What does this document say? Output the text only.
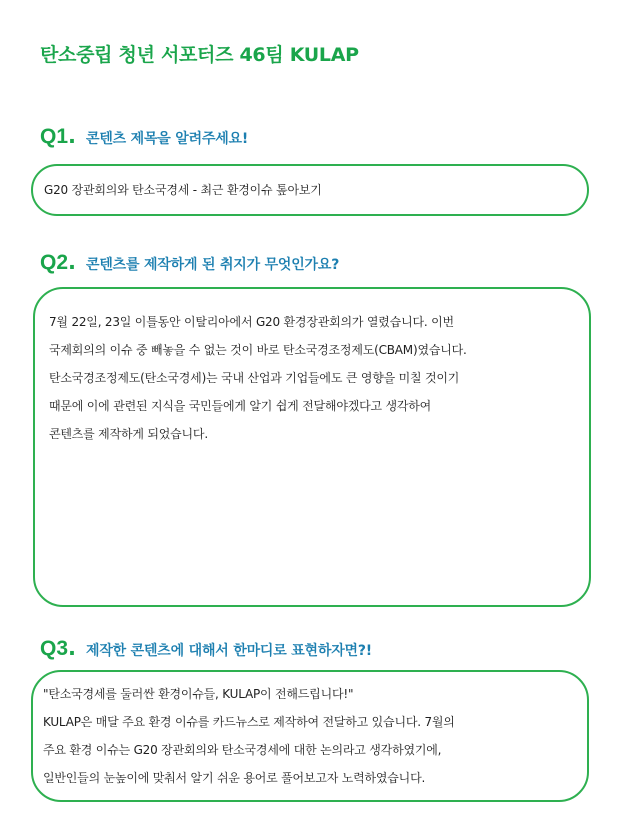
탄소중립 청년 서포터즈 46팀 KULAP
Q1 . 콘텐츠 제목을 알려주세요!
G20 장관회의와 탄소국경세 - 최근 환경이슈 톺아보기
Q2 . 콘텐츠를 제작하게 된 취지가 무엇인가요?
7월 22일, 23일 이틀동안 이탈리아에서 G20 환경장관회의가 열렸습니다. 이번
국제회의의 이슈 중 빼놓을 수 없는 것이 바로 탄소국경조정제도(CBAM)였습니다.
탄소국경조정제도(탄소국경세)는 국내 산업과 기업들에도 큰 영향을 미칠 것이기
때문에 이에 관련된 지식을 국민들에게 알기 쉽게 전달해야겠다고 생각하여
콘텐츠를 제작하게 되었습니다.
Q3 . 제작한 콘텐츠에 대해서 한마디로 표현하자면?!
"탄소국경세를 둘러싼 환경이슈들, KULAP이 전해드립니다!"
KULAP은 매달 주요 환경 이슈를 카드뉴스로 제작하여 전달하고 있습니다. 7월의
주요 환경 이슈는 G20 장관회의와 탄소국경세에 대한 논의라고 생각하였기에,
일반인들의 눈높이에 맞춰서 알기 쉬운 용어로 풀어보고자 노력하였습니다.
